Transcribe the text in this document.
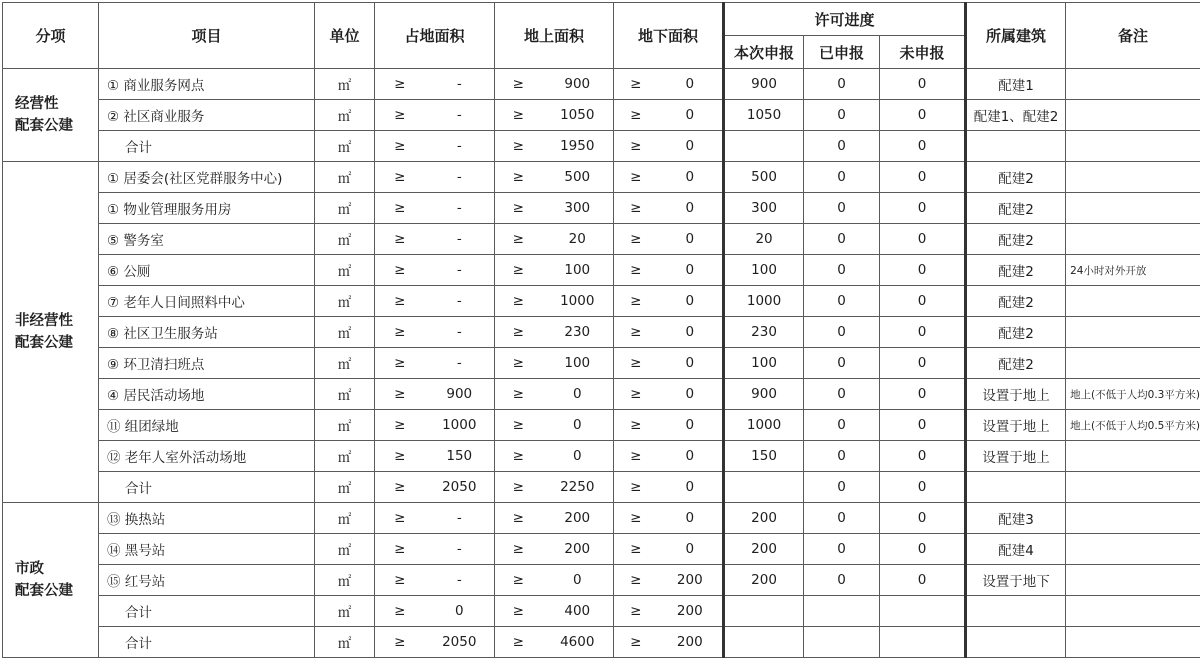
分项	项目	单位	占地面积		地上面积		地下面积		许可进度			所属建筑	备注
									本次申报	已申报	未申报		
经营性
配套公建	① 商业服务网点	㎡	≥	-	≥	900	≥	0	900	0	0	配建1	
	② 社区商业服务	㎡	≥	-	≥	1050	≥	0	1050	0	0	配建1、配建2	

	合计	㎡	≥	-	≥	1950	≥	0		0	0		
非经营性
配套公建	① 居委会(社区党群服务中心)	㎡	≥	-	≥	500	≥	0	500	0	0	配建2	
	① 物业管理服务用房	㎡	≥	-	≥	300	≥	0	300	0	0	配建2	
	⑤ 警务室	㎡	≥	-	≥	20	≥	0	20	0	0	配建2	
	⑥ 公厕	㎡	≥	-	≥	100	≥	0	100	0	0	配建2	24小时对外开放
	⑦ 老年人日间照料中心	㎡	≥	-	≥	1000	≥	0	1000	0	0	配建2	
	⑧ 社区卫生服务站	㎡	≥	-	≥	230	≥	0	230	0	0	配建2	
	⑨ 环卫清扫班点	㎡	≥	-	≥	100	≥	0	100	0	0	配建2	
	④ 居民活动场地	㎡	≥	900	≥	0	≥	0	900	0	0	设置于地上	地上(不低于人均0.3平方米)
	⑪ 组团绿地	㎡	≥	1000	≥	0	≥	0	1000	0	0	设置于地上	地上(不低于人均0.5平方米)
	⑫ 老年人室外活动场地	㎡	≥	150	≥	0	≥	0	150	0	0	设置于地上	

	合计	㎡	≥	2050	≥	2250	≥	0		0	0		
市政
配套公建	⑬ 换热站	㎡	≥	-	≥	200	≥	0	200	0	0	配建3	
	⑭ 黑号站	㎡	≥	-	≥	200	≥	0	200	0	0	配建4	
	⑮ 红号站	㎡	≥	-	≥	0	≥	200	200	0	0	设置于地下	

	合计	㎡	≥	0	≥	400	≥	200					

	合计	㎡	≥	2050	≥	4600	≥	200					
